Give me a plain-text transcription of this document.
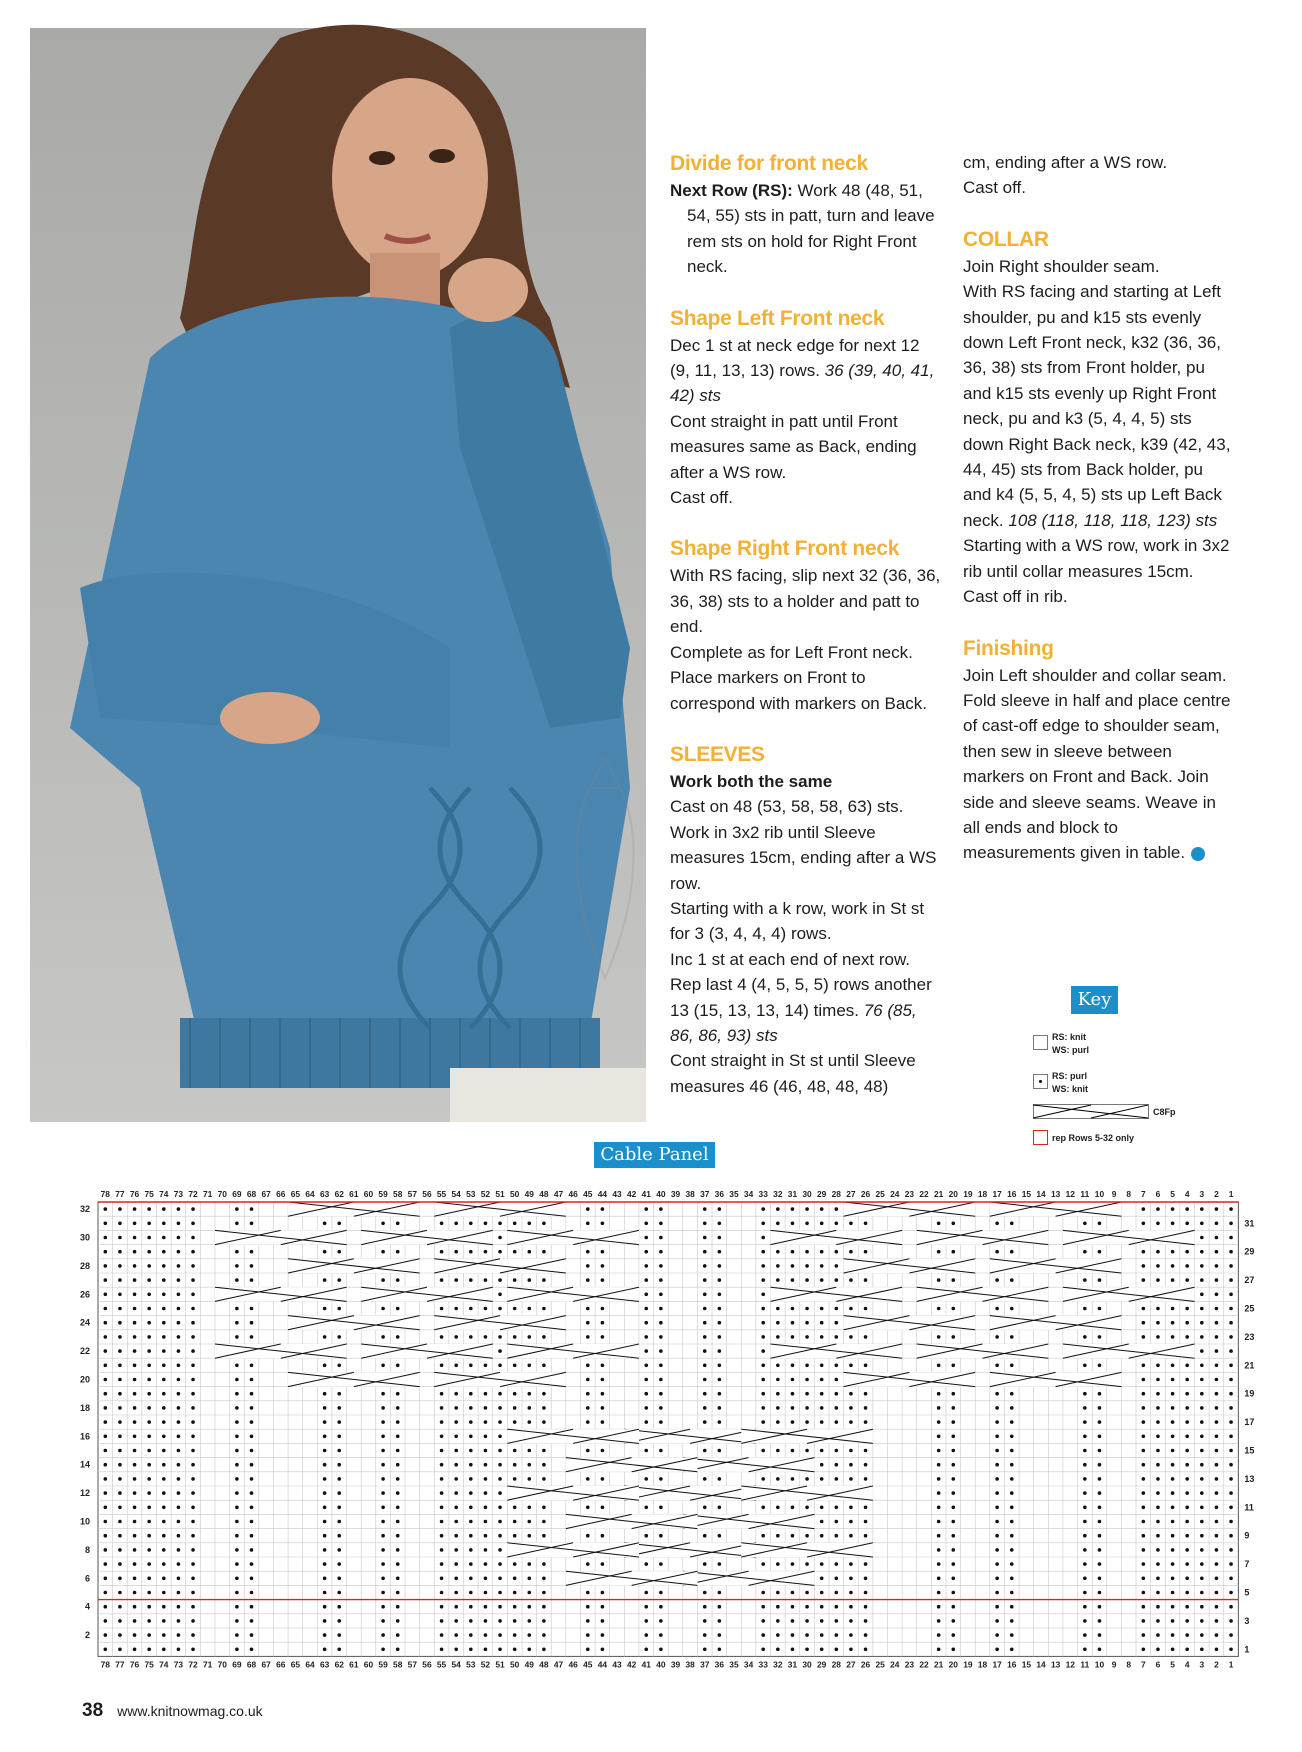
Divide for front neck

Next Row (RS): Work 48 (48, 51, 54, 55) sts in patt, turn and leave rem sts on hold for Right Front neck.

Shape Left Front neck

Dec 1 st at neck edge for next 12 (9, 11, 13, 13) rows. 36 (39, 40, 41, 42) sts

Cont straight in patt until Front measures same as Back, ending after a WS row.

Cast off.

Shape Right Front neck

With RS facing, slip next 32 (36, 36, 36, 38) sts to a holder and patt to end.

Complete as for Left Front neck.

Place markers on Front to correspond with markers on Back.

SLEEVES

Work both the same

Cast on 48 (53, 58, 58, 63) sts. Work in 3x2 rib until Sleeve measures 15cm, ending after a WS row.

Starting with a k row, work in St st for 3 (3, 4, 4, 4) rows.

Inc 1 st at each end of next row. Rep last 4 (4, 5, 5, 5) rows another 13 (15, 13, 13, 14) times. 76 (85, 86, 86, 93) sts

Cont straight in St st until Sleeve measures 46 (46, 48, 48, 48)

cm, ending after a WS row.

Cast off.

COLLAR

Join Right shoulder seam.

With RS facing and starting at Left shoulder, pu and k15 sts evenly down Left Front neck, k32 (36, 36, 36, 38) sts from Front holder, pu and k15 sts evenly up Right Front neck, pu and k3 (5, 4, 4, 5) sts down Right Back neck, k39 (42, 43, 44, 45) sts from Back holder, pu and k4 (5, 5, 4, 5) sts up Left Back neck. 108 (118, 118, 118, 123) sts

Starting with a WS row, work in 3x2 rib until collar measures 15cm.

Cast off in rib.

Finishing

Join Left shoulder and collar seam. Fold sleeve in half and place centre of cast-off edge to shoulder seam, then sew in sleeve between markers on Front and Back. Join side and sleeve seams. Weave in all ends and block to measurements given in table.

Key
RS: knit
WS: purl
RS: purl
WS: knit
C8Fp
rep Rows 5-32 only
Cable Panel
1
1
2
2
3
3
4
4
5
5
6
6
7
7
8
8
9
9
10
10
11
11
12
12
13
13
14
14
15
15
16
16
17
17
18
18
19
19
20
20
21
21
22
22
23
23
24
24
25
25
26
26
27
27
28
28
29
29
30
30
31
31
32
32
33
33
34
34
35
35
36
36
37
37
38
38
39
39
40
40
41
41
42
42
43
43
44
44
45
45
46
46
47
47
48
48
49
49
50
50
51
51
52
52
53
53
54
54
55
55
56
56
57
57
58
58
59
59
60
60
61
61
62
62
63
63
64
64
65
65
66
66
67
67
68
68
69
69
70
70
71
71
72
72
73
73
74
74
75
75
76
76
77
77
78
78
1
2
3
4
5
6
7
8
9
10
11
12
13
14
15
16
17
18
19
20
21
22
23
24
25
26
27
28
29
30
31
32
38 www.knitnowmag.co.uk
